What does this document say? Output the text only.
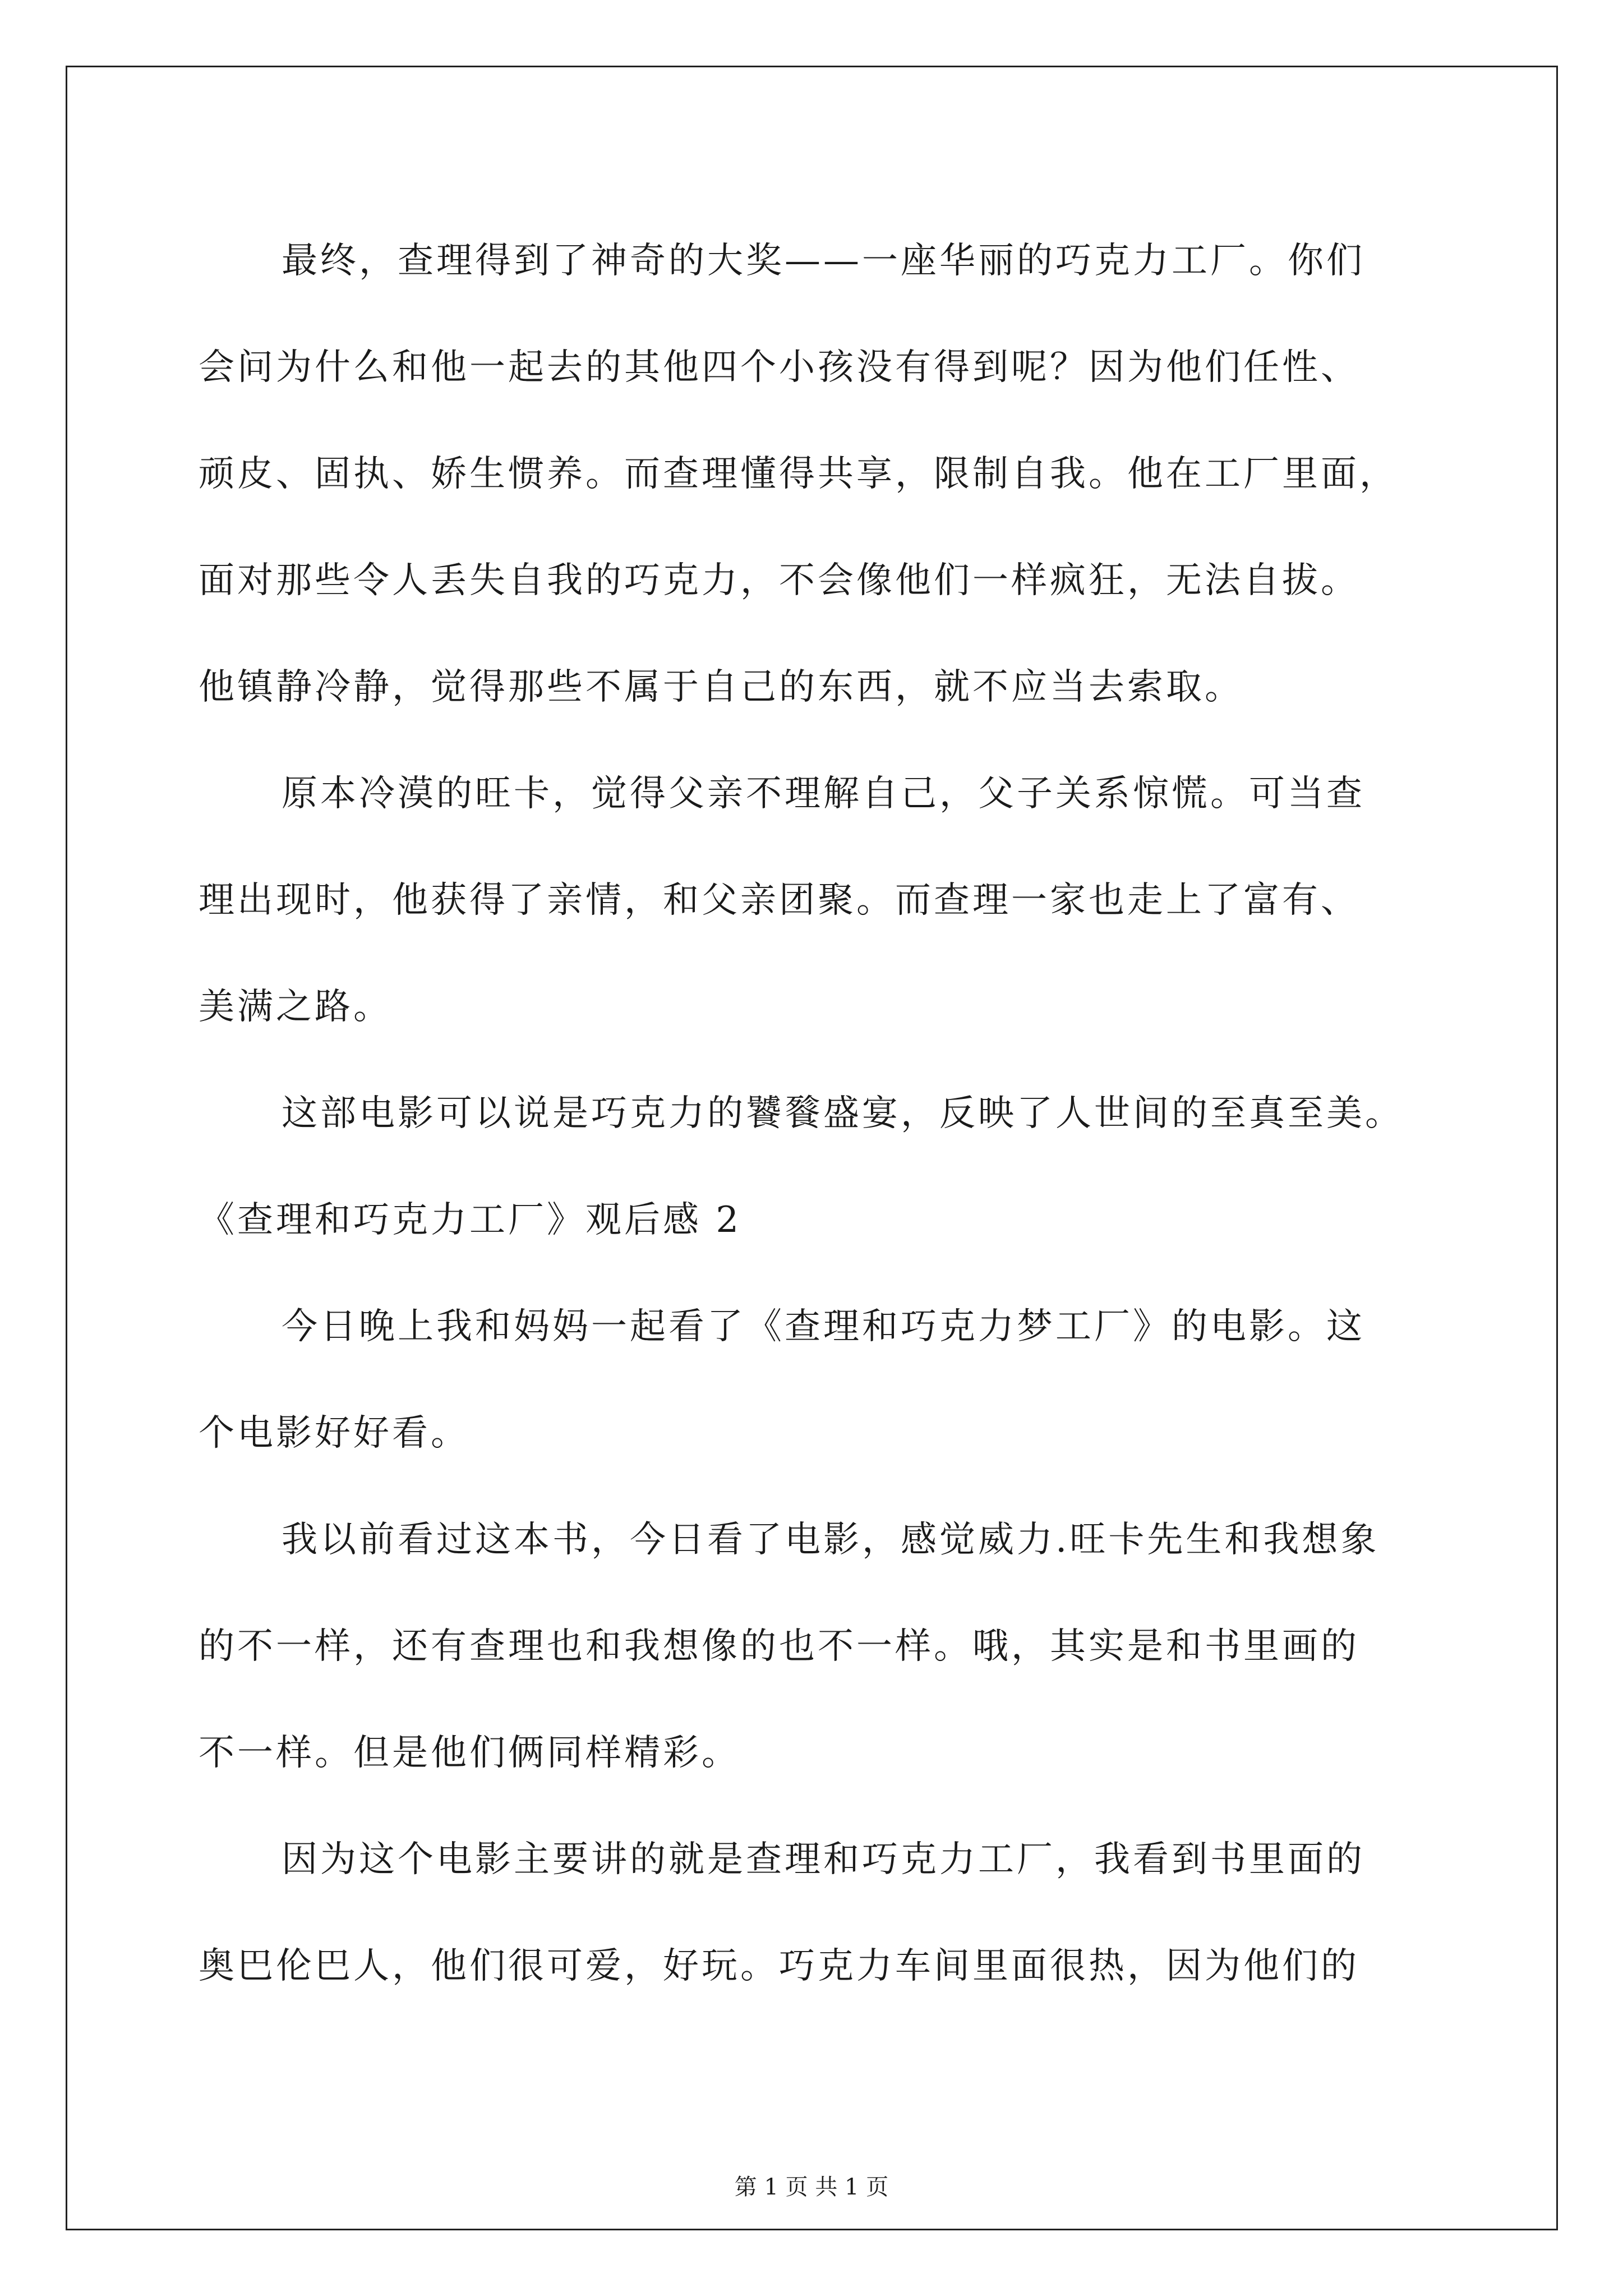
最终，查理得到了神奇的大奖——一座华丽的巧克力工厂。你们
会问为什么和他一起去的其他四个小孩没有得到呢？因为他们任性、
顽皮、固执、娇生惯养。而查理懂得共享，限制自我。他在工厂里面，
面对那些令人丢失自我的巧克力，不会像他们一样疯狂，无法自拔。
他镇静冷静，觉得那些不属于自己的东西，就不应当去索取。

原本冷漠的旺卡，觉得父亲不理解自己，父子关系惊慌。可当查
理出现时，他获得了亲情，和父亲团聚。而查理一家也走上了富有、
美满之路。

这部电影可以说是巧克力的饕餮盛宴，反映了人世间的至真至美。

《查理和巧克力工厂》观后感 2

今日晚上我和妈妈一起看了《查理和巧克力梦工厂》的电影。这
个电影好好看。

我以前看过这本书，今日看了电影，感觉威力.旺卡先生和我想象
的不一样，还有查理也和我想像的也不一样。哦，其实是和书里画的
不一样。但是他们俩同样精彩。

因为这个电影主要讲的就是查理和巧克力工厂，我看到书里面的
奥巴伦巴人，他们很可爱，好玩。巧克力车间里面很热，因为他们的

第 1 页 共 1 页
